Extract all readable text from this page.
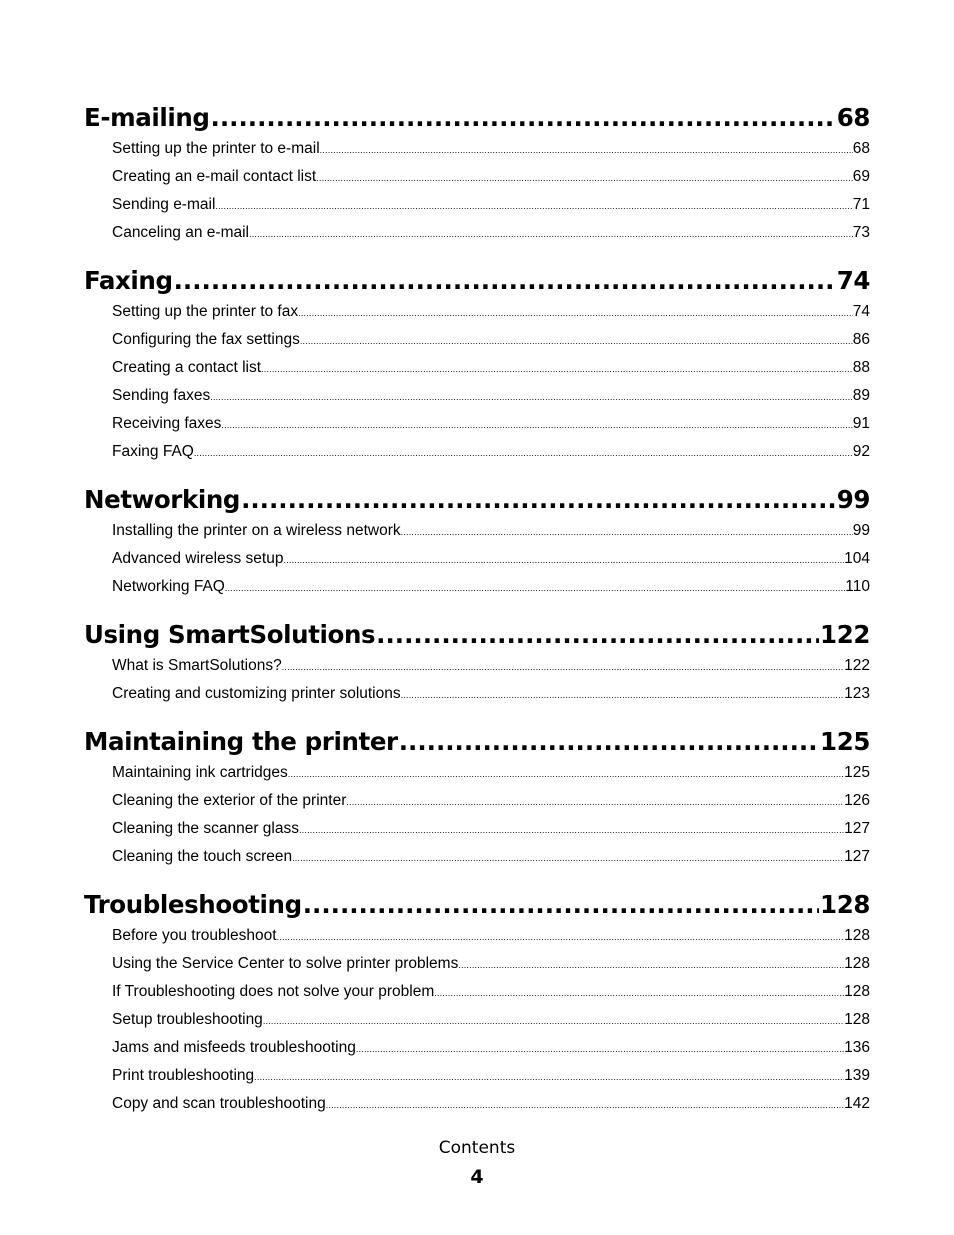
E-mailing .....	68
Setting up the printer to e-mail .....	68
Creating an e-mail contact list .....	69
Sending e-mail .....	71
Canceling an e-mail .....	73
Faxing .....	74
Setting up the printer to fax .....	74
Configuring the fax settings .....	86
Creating a contact list .....	88
Sending faxes .....	89
Receiving faxes .....	91
Faxing FAQ .....	92
Networking .....	99
Installing the printer on a wireless network .....	99
Advanced wireless setup .....	104
Networking FAQ .....	110
Using SmartSolutions .....	122
What is SmartSolutions? .....	122
Creating and customizing printer solutions .....	123
Maintaining the printer .....	125
Maintaining ink cartridges .....	125
Cleaning the exterior of the printer .....	126
Cleaning the scanner glass .....	127
Cleaning the touch screen .....	127
Troubleshooting .....	128
Before you troubleshoot .....	128
Using the Service Center to solve printer problems .....	128
If Troubleshooting does not solve your problem .....	128
Setup troubleshooting .....	128
Jams and misfeeds troubleshooting .....	136
Print troubleshooting .....	139
Copy and scan troubleshooting .....	142
Contents
4
